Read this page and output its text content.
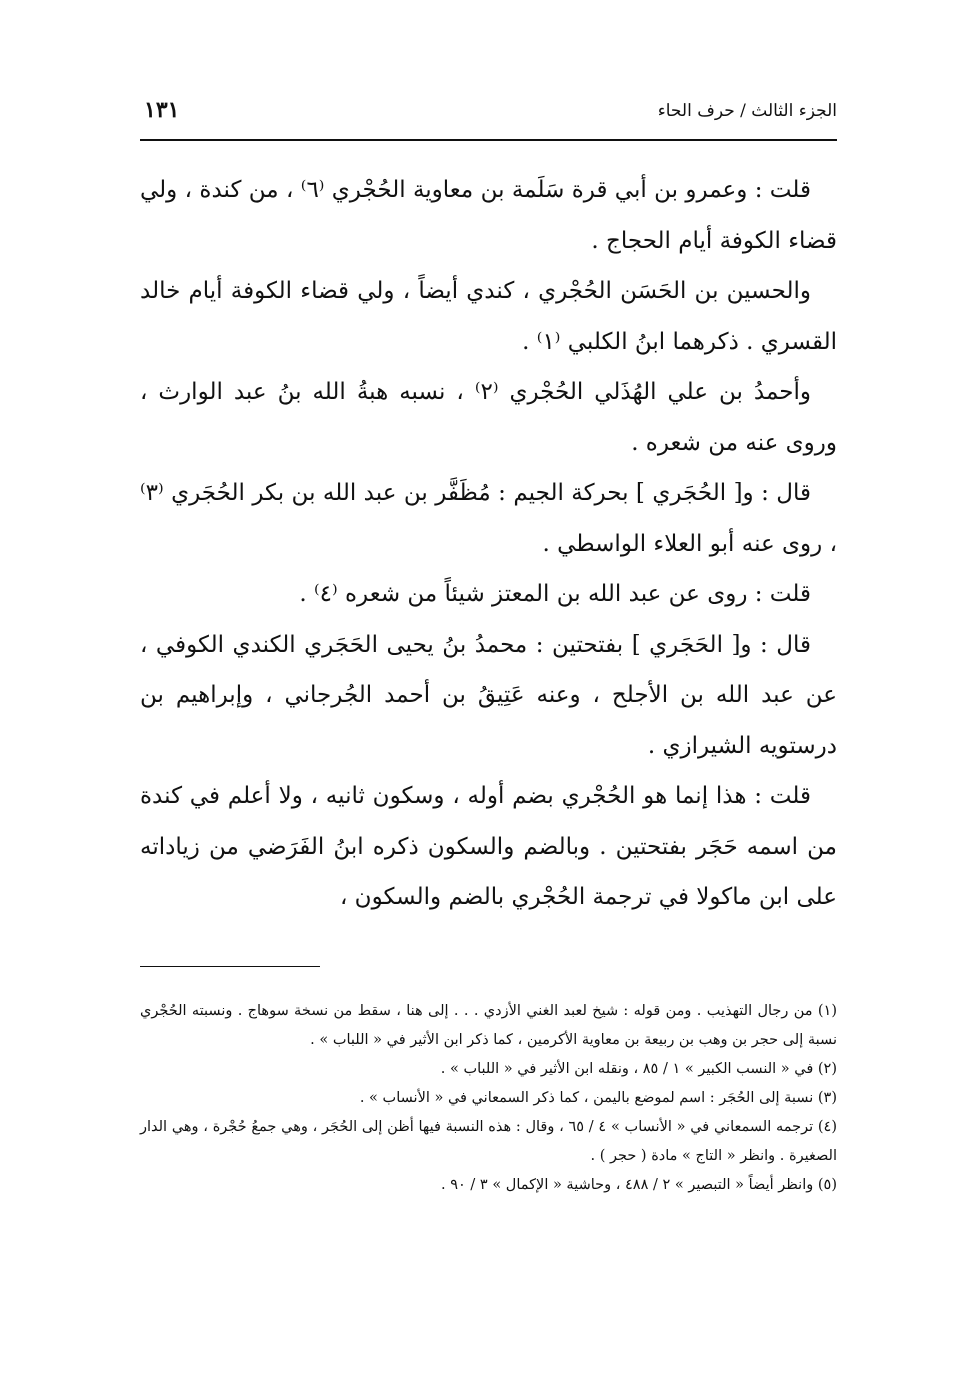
الجزء الثالث / حرف الحاء
١٣١

قلت : وعمرو بن أبي قرة سَلَمة بن معاوية الحُجْري ⁽٦⁾ ، من كندة ، ولي قضاء الكوفة أيام الحجاج .

والحسين بن الحَسَن الحُجْري ، كندي أيضاً ، ولي قضاء الكوفة أيام خالد القسري . ذكرهما ابنُ الكلبي ⁽١⁾ .

وأحمدُ بن علي الهُذَلي الحُجْري ⁽٢⁾ ، نسبه هبةُ الله بنُ عبد الوارث ، وروى عنه من شعره .

قال : و[ الحُجَري ] بحركة الجيم : مُظَفَّر بن عبد الله بن بكر الحُجَري ⁽٣⁾ ، روى عنه أبو العلاء الواسطي .

قلت : روى عن عبد الله بن المعتز شيئاً من شعره ⁽٤⁾ .

قال : و[ الحَجَري ] بفتحتين : محمدُ بنُ يحيى الحَجَري الكندي الكوفي ، عن عبد الله بن الأجلح ، وعنه عَتِيقُ بن أحمد الجُرجاني ، وإبراهيم بن درستويه الشيرازي .

قلت : هذا إنما هو الحُجْري بضم أوله ، وسكون ثانيه ، ولا أعلم في كندة من اسمه حَجَر بفتحتين . وبالضم والسكون ذكره ابنُ الفَرَضي من زياداته على ابن ماكولا في ترجمة الحُجْري بالضم والسكون ،

(١) من رجال التهذيب . ومن قوله : شيخ لعبد الغني الأزدي . . . إلى هنا ، سقط من نسخة سوهاج . ونسبته الحُجْري نسبة إلى حجر بن وهب بن ربيعة بن معاوية الأكرمين ، كما ذكر ابن الأثير في « اللباب » .

(٢) في « النسب الكبير » ١ / ٨٥ ، ونقله ابن الأثير في « اللباب » .

(٣) نسبة إلى الحُجَر : اسم لموضع باليمن ، كما ذكر السمعاني في « الأنساب » .

(٤) ترجمه السمعاني في « الأنساب » ٤ / ٦٥ ، وقال : هذه النسبة فيها أظن إلى الحُجَر ، وهي جمعُ حُجْرة ، وهي الدار الصغيرة . وانظر « التاج » مادة ( حجر ) .

(٥) وانظر أيضاً « التبصير » ٢ / ٤٨٨ ، وحاشية « الإكمال » ٣ / ٩٠ .
